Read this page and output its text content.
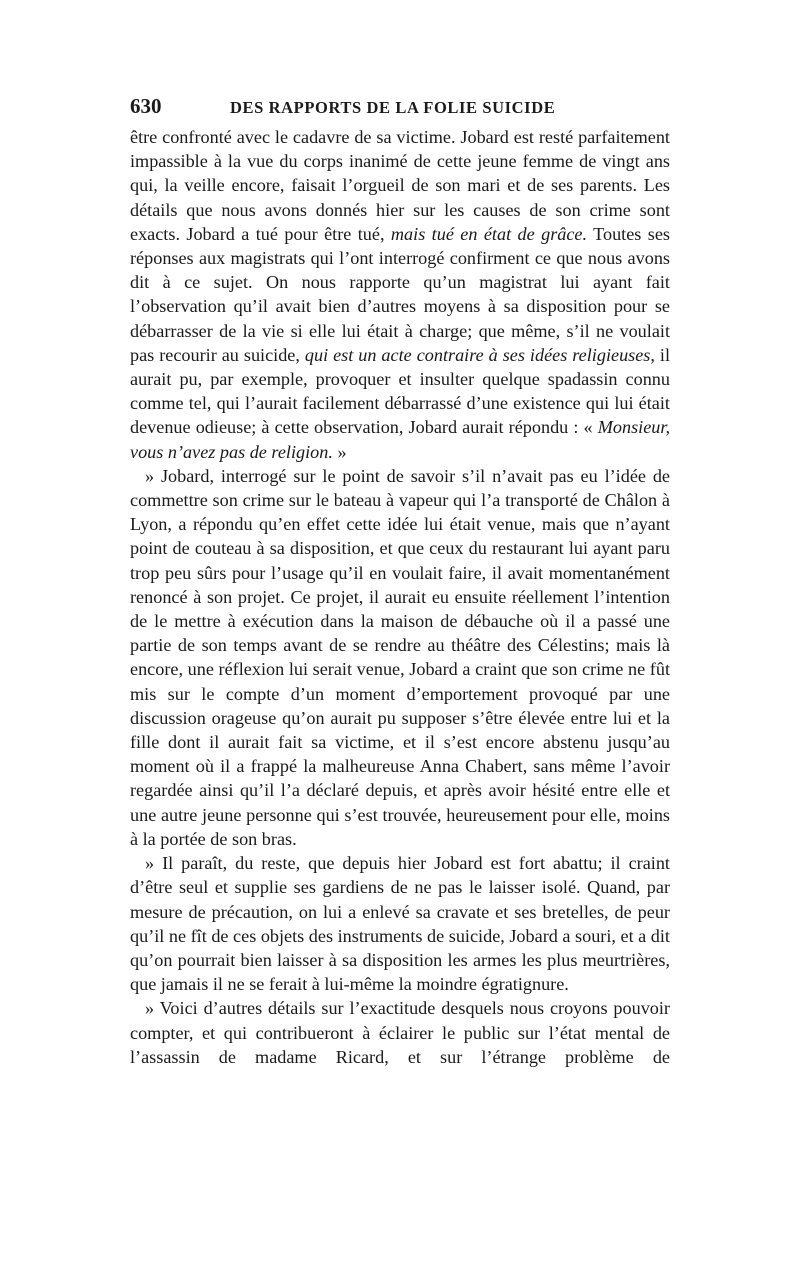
630	DES RAPPORTS DE LA FOLIE SUICIDE

être confronté avec le cadavre de sa victime. Jobard est resté parfaitement impassible à la vue du corps inanimé de cette jeune femme de vingt ans qui, la veille encore, faisait l’orgueil de son mari et de ses parents. Les détails que nous avons donnés hier sur les causes de son crime sont exacts. Jobard a tué pour être tué, mais tué en état de grâce. Toutes ses réponses aux magistrats qui l’ont interrogé confirment ce que nous avons dit à ce sujet. On nous rapporte qu’un magistrat lui ayant fait l’observation qu’il avait bien d’autres moyens à sa disposition pour se débarrasser de la vie si elle lui était à charge; que même, s’il ne voulait pas recourir au suicide, qui est un acte contraire à ses idées religieuses, il aurait pu, par exemple, provoquer et insulter quelque spadassin connu comme tel, qui l’aurait facilement débarrassé d’une existence qui lui était devenue odieuse; à cette observation, Jobard aurait répondu : « Monsieur, vous n’avez pas de religion. »

» Jobard, interrogé sur le point de savoir s’il n’avait pas eu l’idée de commettre son crime sur le bateau à vapeur qui l’a transporté de Châlon à Lyon, a répondu qu’en effet cette idée lui était venue, mais que n’ayant point de couteau à sa disposition, et que ceux du restaurant lui ayant paru trop peu sûrs pour l’usage qu’il en voulait faire, il avait momentanément renoncé à son projet. Ce projet, il aurait eu ensuite réellement l’intention de le mettre à exécution dans la maison de débauche où il a passé une partie de son temps avant de se rendre au théâtre des Célestins; mais là encore, une réflexion lui serait venue, Jobard a craint que son crime ne fût mis sur le compte d’un moment d’emportement provoqué par une discussion orageuse qu’on aurait pu supposer s’être élevée entre lui et la fille dont il aurait fait sa victime, et il s’est encore abstenu jusqu’au moment où il a frappé la malheureuse Anna Chabert, sans même l’avoir regardée ainsi qu’il l’a déclaré depuis, et après avoir hésité entre elle et une autre jeune personne qui s’est trouvée, heureusement pour elle, moins à la portée de son bras.

» Il paraît, du reste, que depuis hier Jobard est fort abattu; il craint d’être seul et supplie ses gardiens de ne pas le laisser isolé. Quand, par mesure de précaution, on lui a enlevé sa cravate et ses bretelles, de peur qu’il ne fît de ces objets des instruments de suicide, Jobard a souri, et a dit qu’on pourrait bien laisser à sa disposition les armes les plus meurtrières, que jamais il ne se ferait à lui-même la moindre égratignure.

» Voici d’autres détails sur l’exactitude desquels nous croyons pouvoir compter, et qui contribueront à éclairer le public sur l’état mental de l’assassin de madame Ricard, et sur l’étrange problème de
